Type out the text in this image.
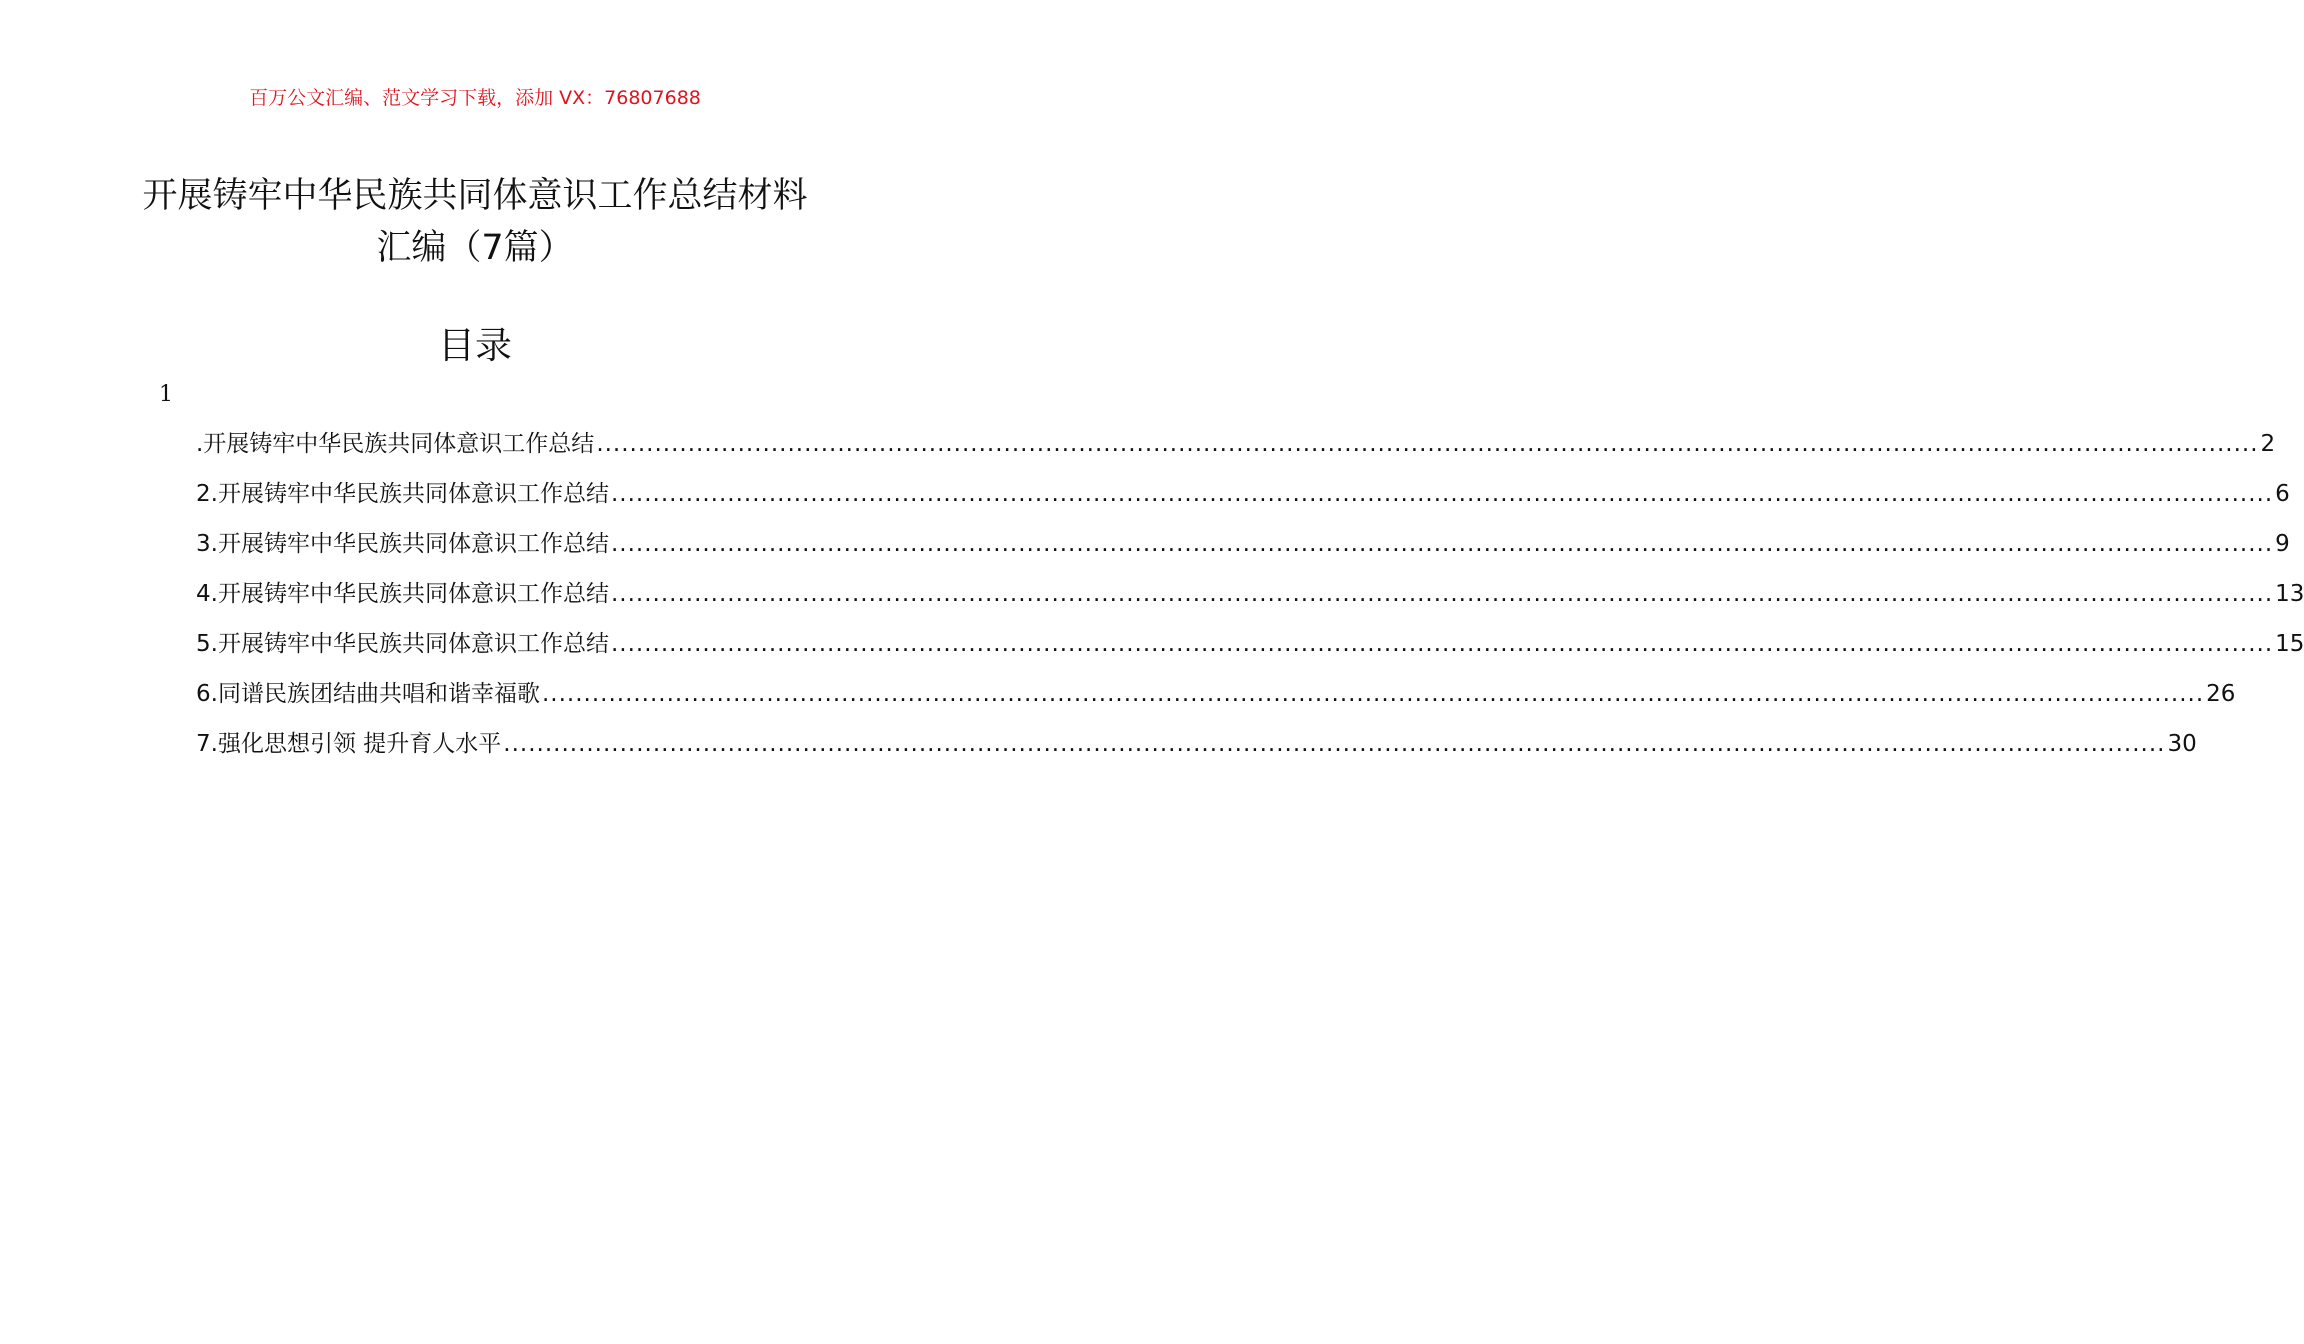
百万公文汇编、范文学习下载，添加 VX：76807688
开展铸牢中华民族共同体意识工作总结材料汇编（7篇）
目录
1
.开展铸牢中华民族共同体意识工作总结 ........................................................................................................................................................................................................ 2
2.开展铸牢中华民族共同体意识工作总结 ........................................................................................................................................................................................................ 6
3.开展铸牢中华民族共同体意识工作总结 ........................................................................................................................................................................................................ 9
4.开展铸牢中华民族共同体意识工作总结 ........................................................................................................................................................................................................ 13
5.开展铸牢中华民族共同体意识工作总结 ........................................................................................................................................................................................................ 15
6.同谱民族团结曲共唱和谐幸福歌 ........................................................................................................................................................................................................ 26
7.强化思想引领 提升育人水平 ........................................................................................................................................................................................................ 30
